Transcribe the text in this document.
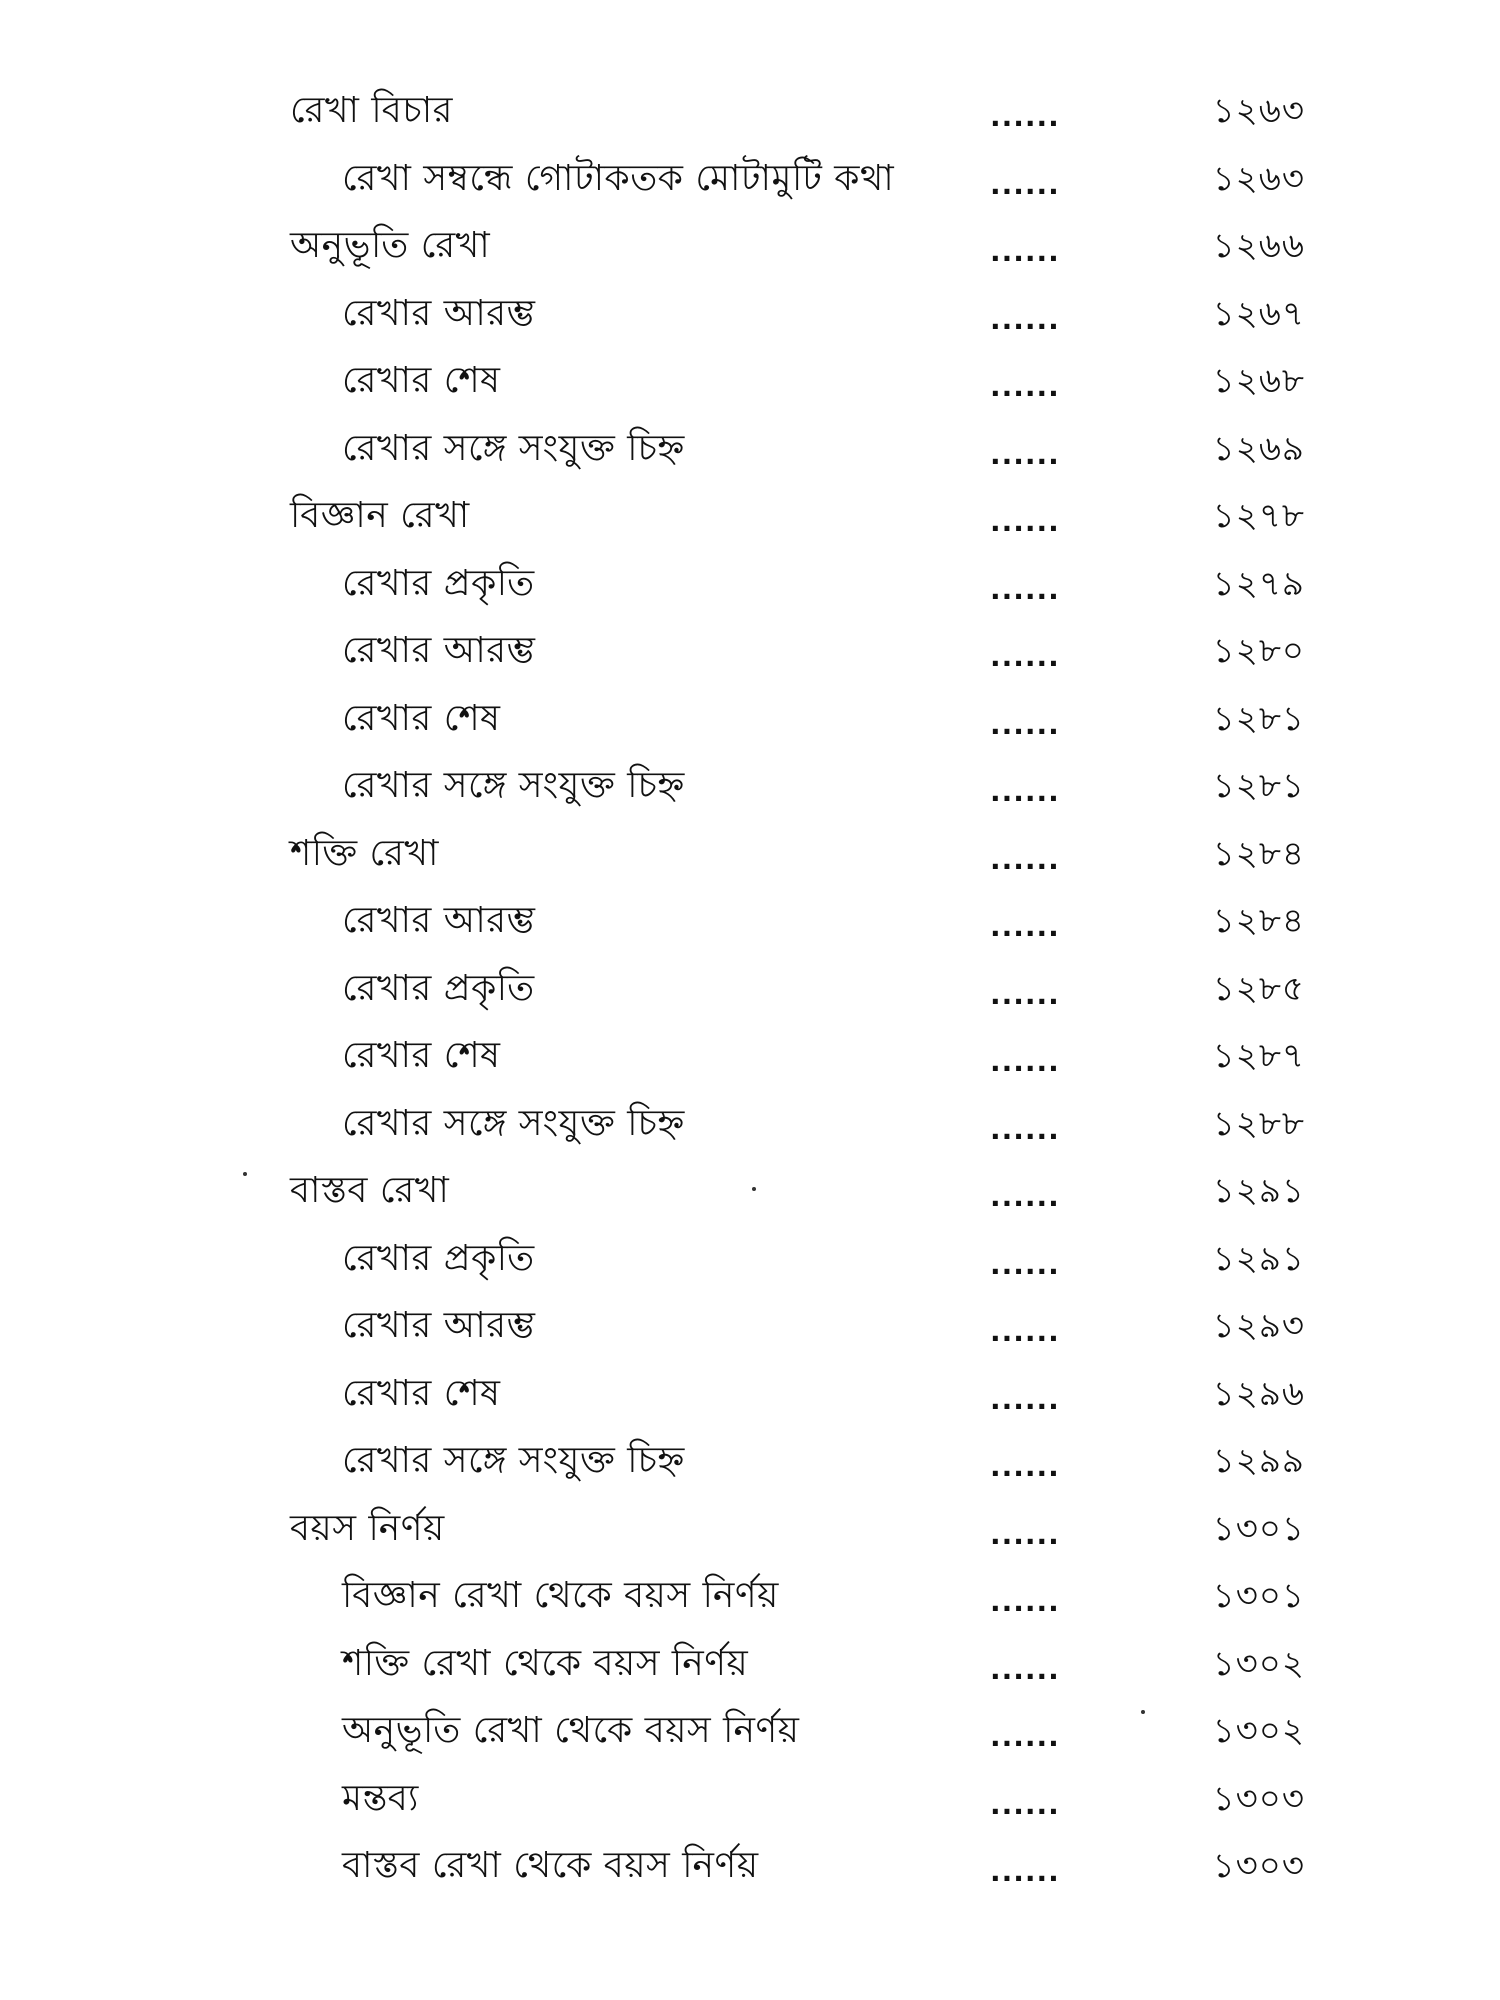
রেখা বিচার	......	১২৬৩
রেখা সম্বন্ধে গোটাকতক মোটামুটি কথা	......	১২৬৩
অনুভূতি রেখা	......	১২৬৬
রেখার আরম্ভ	......	১২৬৭
রেখার শেষ	......	১২৬৮
রেখার সঙ্গে সংযুক্ত চিহ্ন	......	১২৬৯
বিজ্ঞান রেখা	......	১২৭৮
রেখার প্রকৃতি	......	১২৭৯
রেখার আরম্ভ	......	১২৮০
রেখার শেষ	......	১২৮১
রেখার সঙ্গে সংযুক্ত চিহ্ন	......	১২৮১
শক্তি রেখা	......	১২৮৪
রেখার আরম্ভ	......	১২৮৪
রেখার প্রকৃতি	......	১২৮৫
রেখার শেষ	......	১২৮৭
রেখার সঙ্গে সংযুক্ত চিহ্ন	......	১২৮৮
বাস্তব রেখা	......	১২৯১
রেখার প্রকৃতি	......	১২৯১
রেখার আরম্ভ	......	১২৯৩
রেখার শেষ	......	১২৯৬
রেখার সঙ্গে সংযুক্ত চিহ্ন	......	১২৯৯
বয়স নির্ণয়	......	১৩০১
বিজ্ঞান রেখা থেকে বয়স নির্ণয়	......	১৩০১
শক্তি রেখা থেকে বয়স নির্ণয়	......	১৩০২
অনুভূতি রেখা থেকে বয়স নির্ণয়	......	১৩০২
মন্তব্য	......	১৩০৩
বাস্তব রেখা থেকে বয়স নির্ণয়	......	১৩০৩
